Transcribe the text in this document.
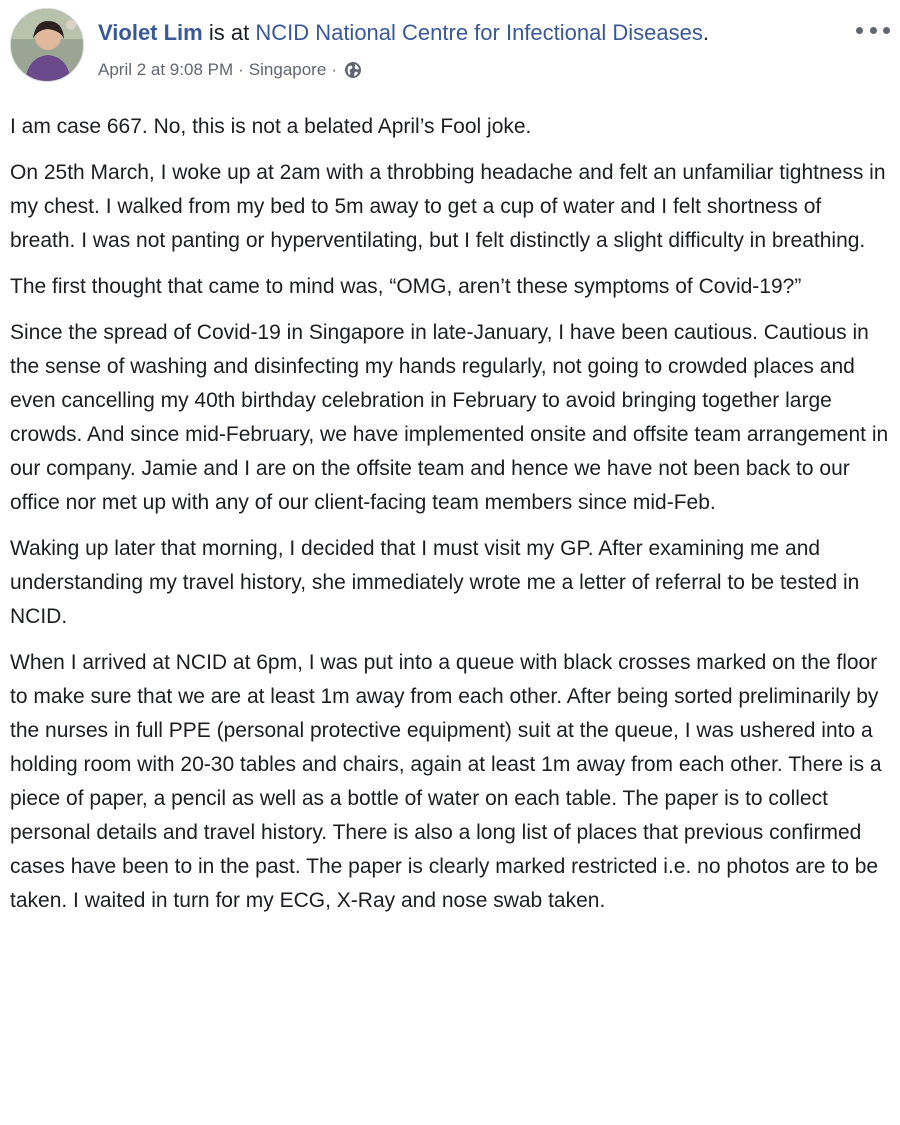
Violet Lim is at NCID National Centre for Infectional Diseases.
April 2 at 9:08 PM · Singapore ·

I am case 667. No, this is not a belated April’s Fool joke.

On 25th March, I woke up at 2am with a throbbing headache and felt an unfamiliar tightness in my chest. I walked from my bed to 5m away to get a cup of water and I felt shortness of breath. I was not panting or hyperventilating, but I felt distinctly a slight difficulty in breathing.

The first thought that came to mind was, “OMG, aren’t these symptoms of Covid-19?”

Since the spread of Covid-19 in Singapore in late-January, I have been cautious. Cautious in the sense of washing and disinfecting my hands regularly, not going to crowded places and even cancelling my 40th birthday celebration in February to avoid bringing together large crowds. And since mid-February, we have implemented onsite and offsite team arrangement in our company. Jamie and I are on the offsite team and hence we have not been back to our office nor met up with any of our client-facing team members since mid-Feb.

Waking up later that morning, I decided that I must visit my GP. After examining me and understanding my travel history, she immediately wrote me a letter of referral to be tested in NCID.

When I arrived at NCID at 6pm, I was put into a queue with black crosses marked on the floor to make sure that we are at least 1m away from each other. After being sorted preliminarily by the nurses in full PPE (personal protective equipment) suit at the queue, I was ushered into a holding room with 20-30 tables and chairs, again at least 1m away from each other. There is a piece of paper, a pencil as well as a bottle of water on each table. The paper is to collect personal details and travel history. There is also a long list of places that previous confirmed cases have been to in the past. The paper is clearly marked restricted i.e. no photos are to be taken. I waited in turn for my ECG, X-Ray and nose swab taken.
